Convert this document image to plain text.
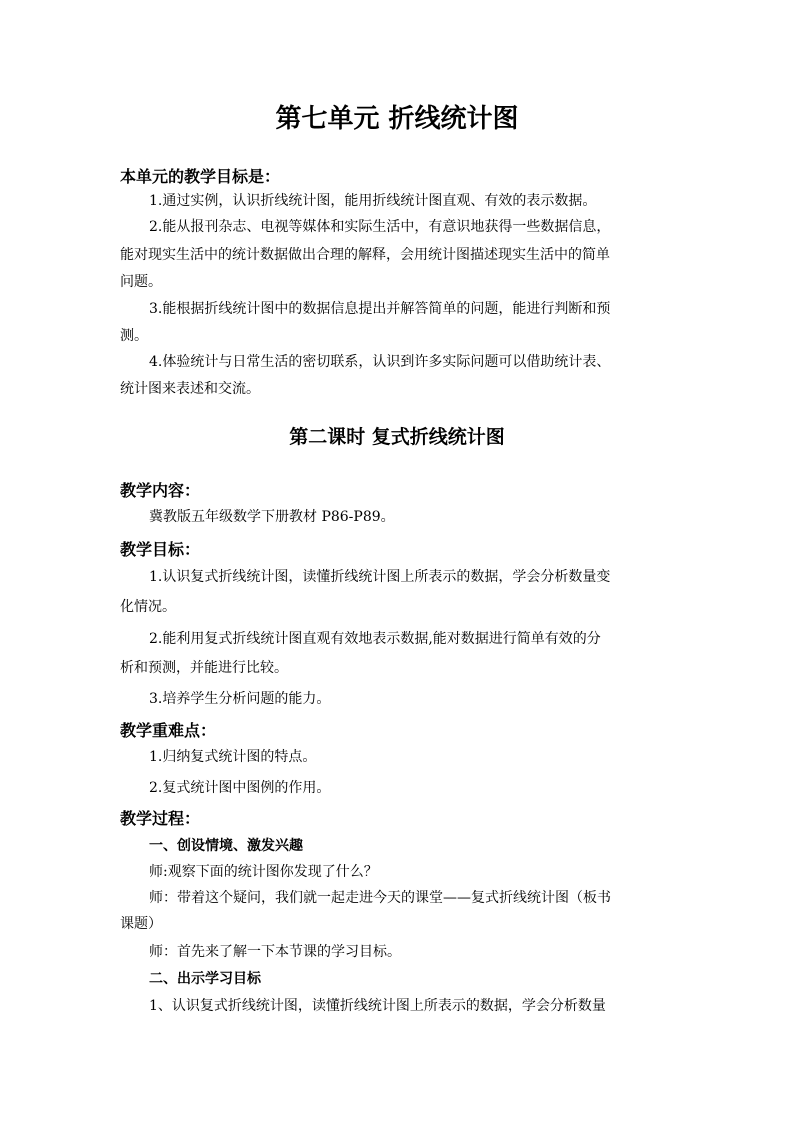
第七单元 折线统计图
本单元的教学目标是：
1.通过实例，认识折线统计图，能用折线统计图直观、有效的表示数据。
2.能从报刊杂志、电视等媒体和实际生活中，有意识地获得一些数据信息，
能对现实生活中的统计数据做出合理的解释，会用统计图描述现实生活中的简单
问题。
3.能根据折线统计图中的数据信息提出并解答简单的问题，能进行判断和预
测。
4.体验统计与日常生活的密切联系，认识到许多实际问题可以借助统计表、
统计图来表述和交流。
第二课时 复式折线统计图
教学内容：
冀教版五年级数学下册教材 P86-P89。
教学目标：
1.认识复式折线统计图，读懂折线统计图上所表示的数据，学会分析数量变
化情况。
2.能利用复式折线统计图直观有效地表示数据,能对数据进行简单有效的分
析和预测，并能进行比较。
3.培养学生分析问题的能力。
教学重难点：
1.归纳复式统计图的特点。
2.复式统计图中图例的作用。
教学过程：
一、创设情境、激发兴趣
师:观察下面的统计图你发现了什么？
师：带着这个疑问，我们就一起走进今天的课堂——复式折线统计图（板书
课题）
师：首先来了解一下本节课的学习目标。
二、出示学习目标
1、认识复式折线统计图，读懂折线统计图上所表示的数据，学会分析数量
